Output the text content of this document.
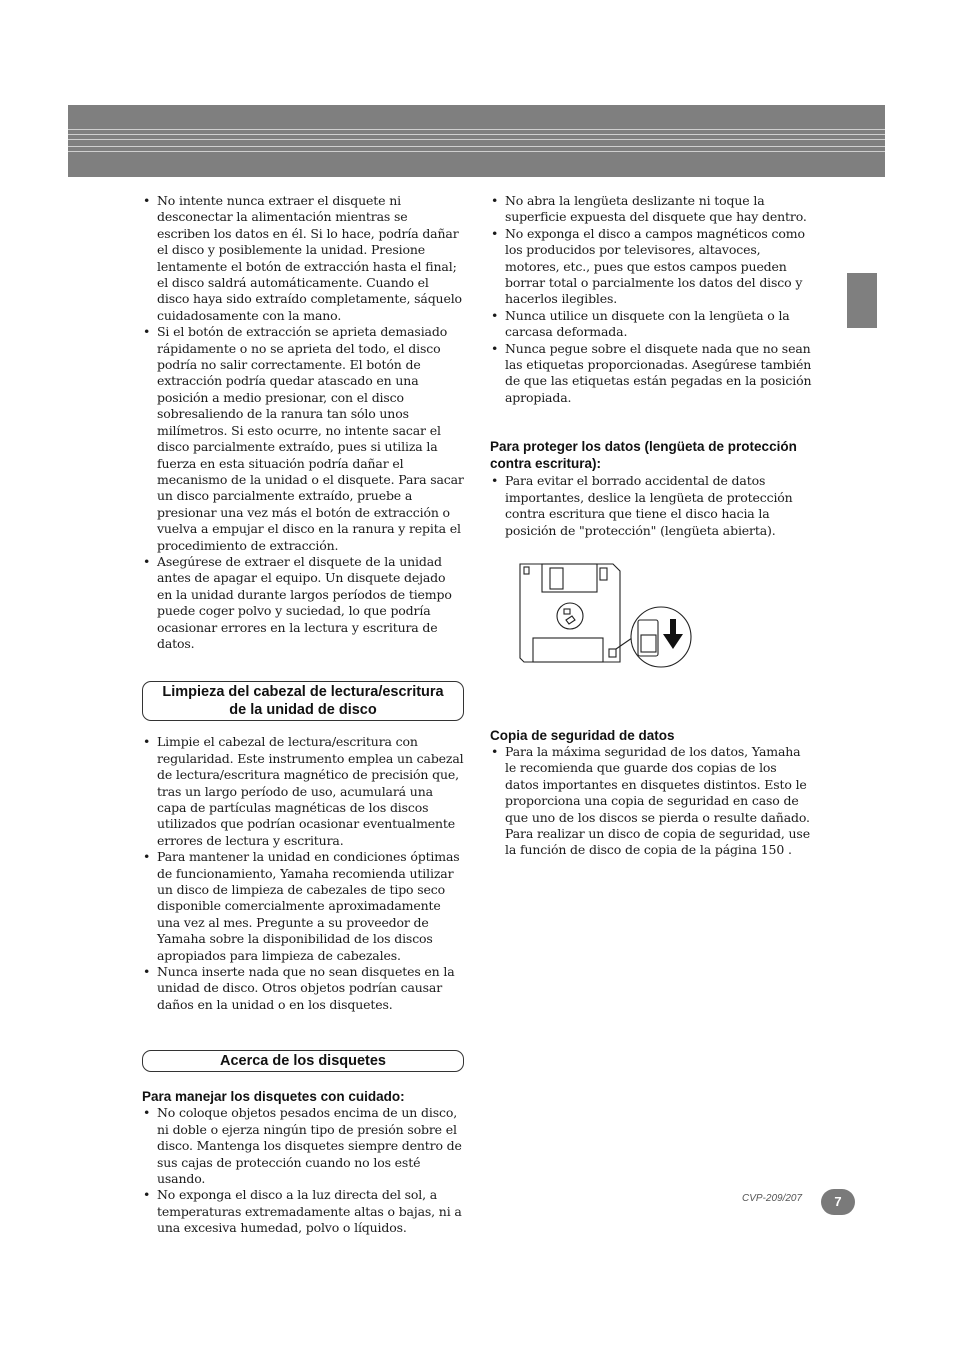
• No intente nunca extraer el disquete ni desconectar la alimentación mientras se escriben los datos en él. Si lo hace, podría dañar el disco y posiblemente la unidad. Presione lentamente el botón de extracción hasta el final; el disco saldrá automáticamente. Cuando el disco haya sido extraído completamente, sáquelo cuidadosamente con la mano.
• Si el botón de extracción se aprieta demasiado rápidamente o no se aprieta del todo, el disco podría no salir correctamente. El botón de extracción podría quedar atascado en una posición a medio presionar, con el disco sobresaliendo de la ranura tan sólo unos milímetros. Si esto ocurre, no intente sacar el disco parcialmente extraído, pues si utiliza la fuerza en esta situación podría dañar el mecanismo de la unidad o el disquete. Para sacar un disco parcialmente extraído, pruebe a presionar una vez más el botón de extracción o vuelva a empujar el disco en la ranura y repita el procedimiento de extracción.
• Asegúrese de extraer el disquete de la unidad antes de apagar el equipo. Un disquete dejado en la unidad durante largos períodos de tiempo puede coger polvo y suciedad, lo que podría ocasionar errores en la lectura y escritura de datos.
Limpieza del cabezal de lectura/escritura de la unidad de disco
• Limpie el cabezal de lectura/escritura con regularidad. Este instrumento emplea un cabezal de lectura/escritura magnético de precisión que, tras un largo período de uso, acumulará una capa de partículas magnéticas de los discos utilizados que podrían ocasionar eventualmente errores de lectura y escritura.
• Para mantener la unidad en condiciones óptimas de funcionamiento, Yamaha recomienda utilizar un disco de limpieza de cabezales de tipo seco disponible comercialmente aproximadamente una vez al mes. Pregunte a su proveedor de Yamaha sobre la disponibilidad de los discos apropiados para limpieza de cabezales.
• Nunca inserte nada que no sean disquetes en la unidad de disco. Otros objetos podrían causar daños en la unidad o en los disquetes.
Acerca de los disquetes
Para manejar los disquetes con cuidado:
• No coloque objetos pesados encima de un disco, ni doble o ejerza ningún tipo de presión sobre el disco. Mantenga los disquetes siempre dentro de sus cajas de protección cuando no los esté usando.
• No exponga el disco a la luz directa del sol, a temperaturas extremadamente altas o bajas, ni a una excesiva humedad, polvo o líquidos.
• No abra la lengüeta deslizante ni toque la superficie expuesta del disquete que hay dentro.
• No exponga el disco a campos magnéticos como los producidos por televisores, altavoces, motores, etc., pues que estos campos pueden borrar total o parcialmente los datos del disco y hacerlos ilegibles.
• Nunca utilice un disquete con la lengüeta o la carcasa deformada.
• Nunca pegue sobre el disquete nada que no sean las etiquetas proporcionadas. Asegúrese también de que las etiquetas están pegadas en la posición apropiada.
Para proteger los datos (lengüeta de protección contra escritura):
• Para evitar el borrado accidental de datos importantes, deslice la lengüeta de protección contra escritura que tiene el disco hacia la posición de "protección" (lengüeta abierta).
Copia de seguridad de datos
• Para la máxima seguridad de los datos, Yamaha le recomienda que guarde dos copias de los datos importantes en disquetes distintos. Esto le proporciona una copia de seguridad en caso de que uno de los discos se pierda o resulte dañado. Para realizar un disco de copia de seguridad, use la función de disco de copia de la página 150 .
CVP-209/207	7
